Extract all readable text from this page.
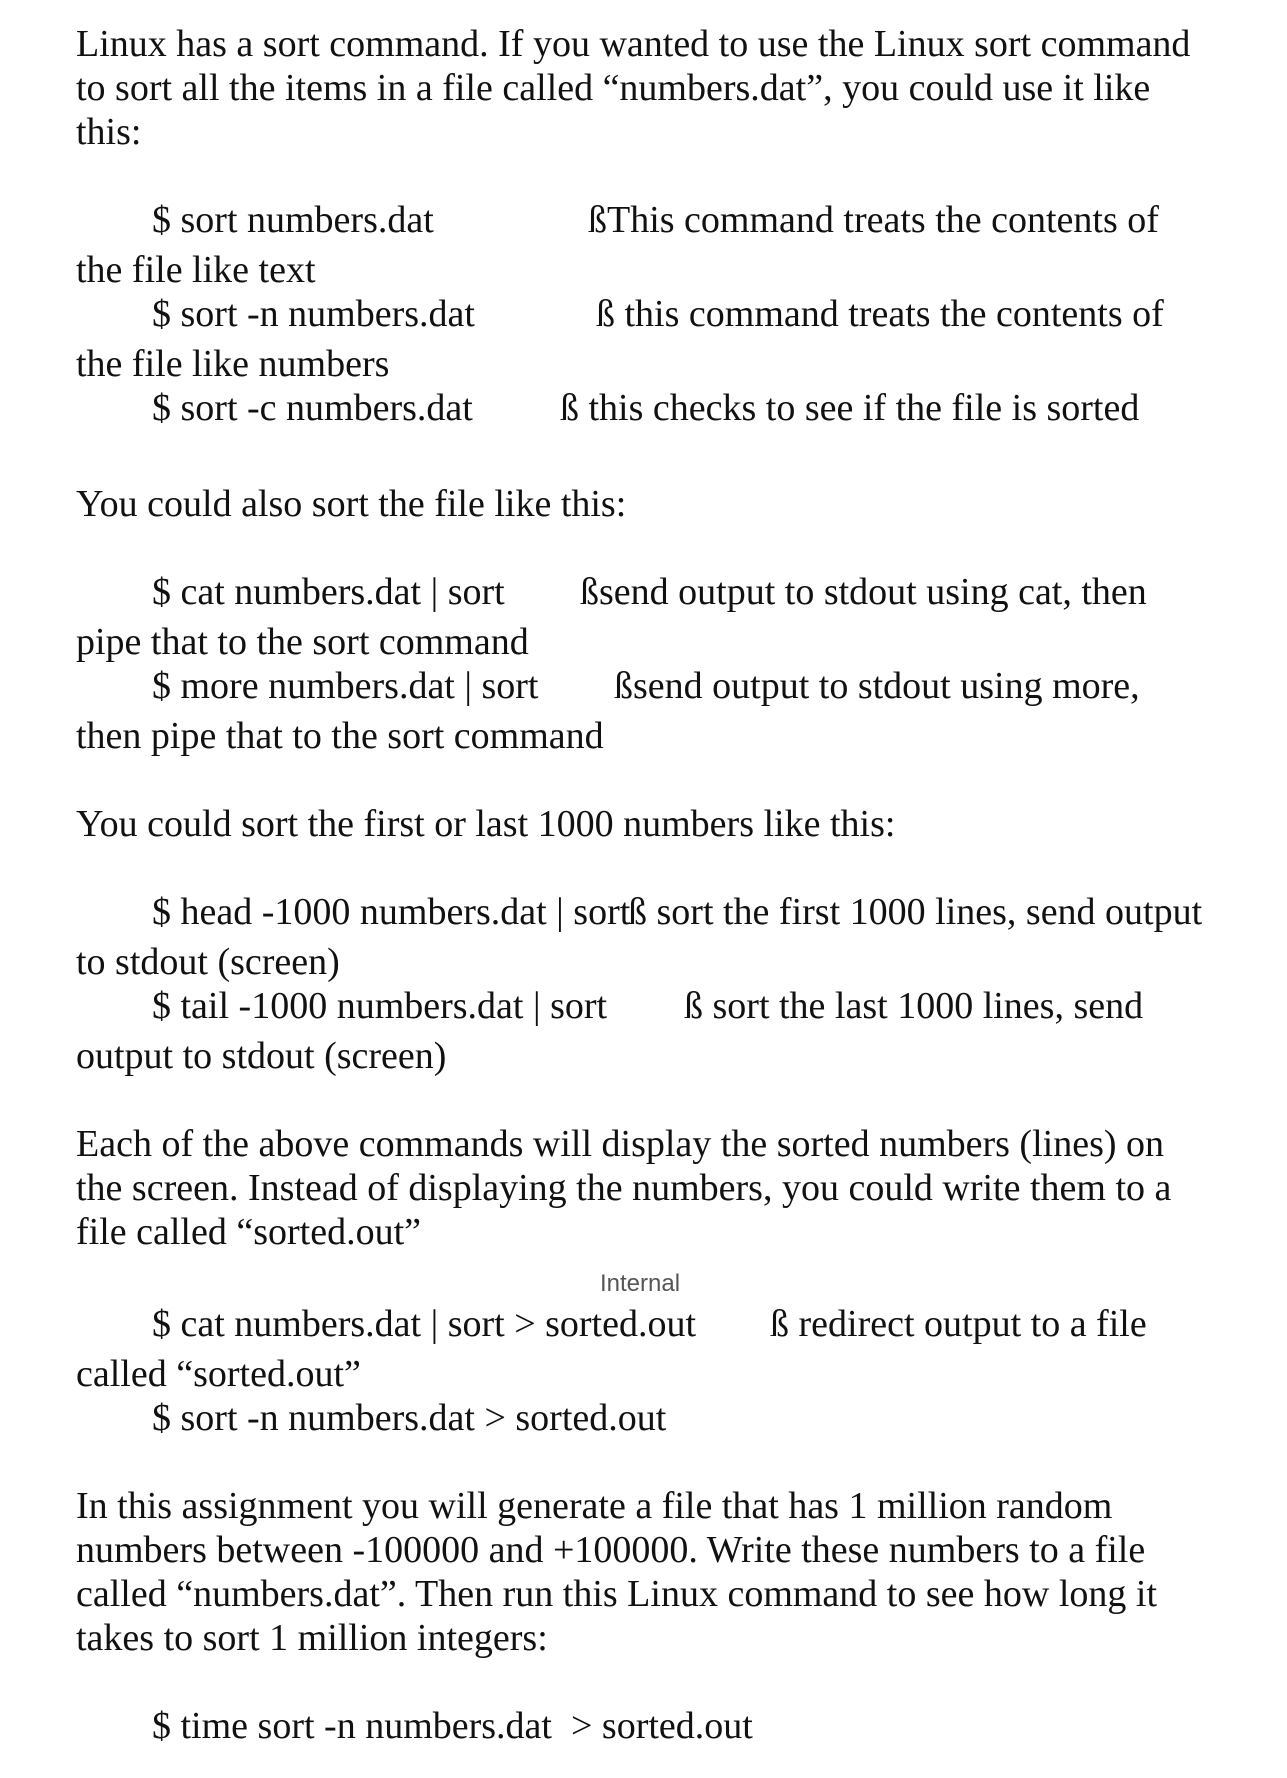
Linux has a sort command. If you wanted to use the Linux sort command

to sort all the items in a file called “numbers.dat”, you could use it like

this:

$ sort numbers.dat	ßThis command treats the contents of

the file like text

$ sort -n numbers.dat	ß this command treats the contents of

the file like numbers

$ sort -c numbers.dat ß this checks to see if the file is sorted

You could also sort the file like this:

$ cat numbers.dat | sort ßsend output to stdout using cat, then

pipe that to the sort command

$ more numbers.dat | sort ßsend output to stdout using more,

then pipe that to the sort command

You could sort the first or last 1000 numbers like this:

$ head -1000 numbers.dat | sort

ß sort the first 1000 lines, send output

to stdout (screen)

$ tail -1000 numbers.dat | sort ß sort the last 1000 lines, send

output to stdout (screen)

Each of the above commands will display the sorted numbers (lines) on

the screen. Instead of displaying the numbers, you could write them to a

file called “sorted.out”

Internal

$ cat numbers.dat | sort > sorted.out ß redirect output to a file

called “sorted.out”

$ sort -n numbers.dat > sorted.out

In this assignment you will generate a file that has 1 million random

numbers between -100000 and +100000. Write these numbers to a file

called “numbers.dat”. Then run this Linux command to see how long it

takes to sort 1 million integers:

$ time sort -n numbers.dat  > sorted.out
